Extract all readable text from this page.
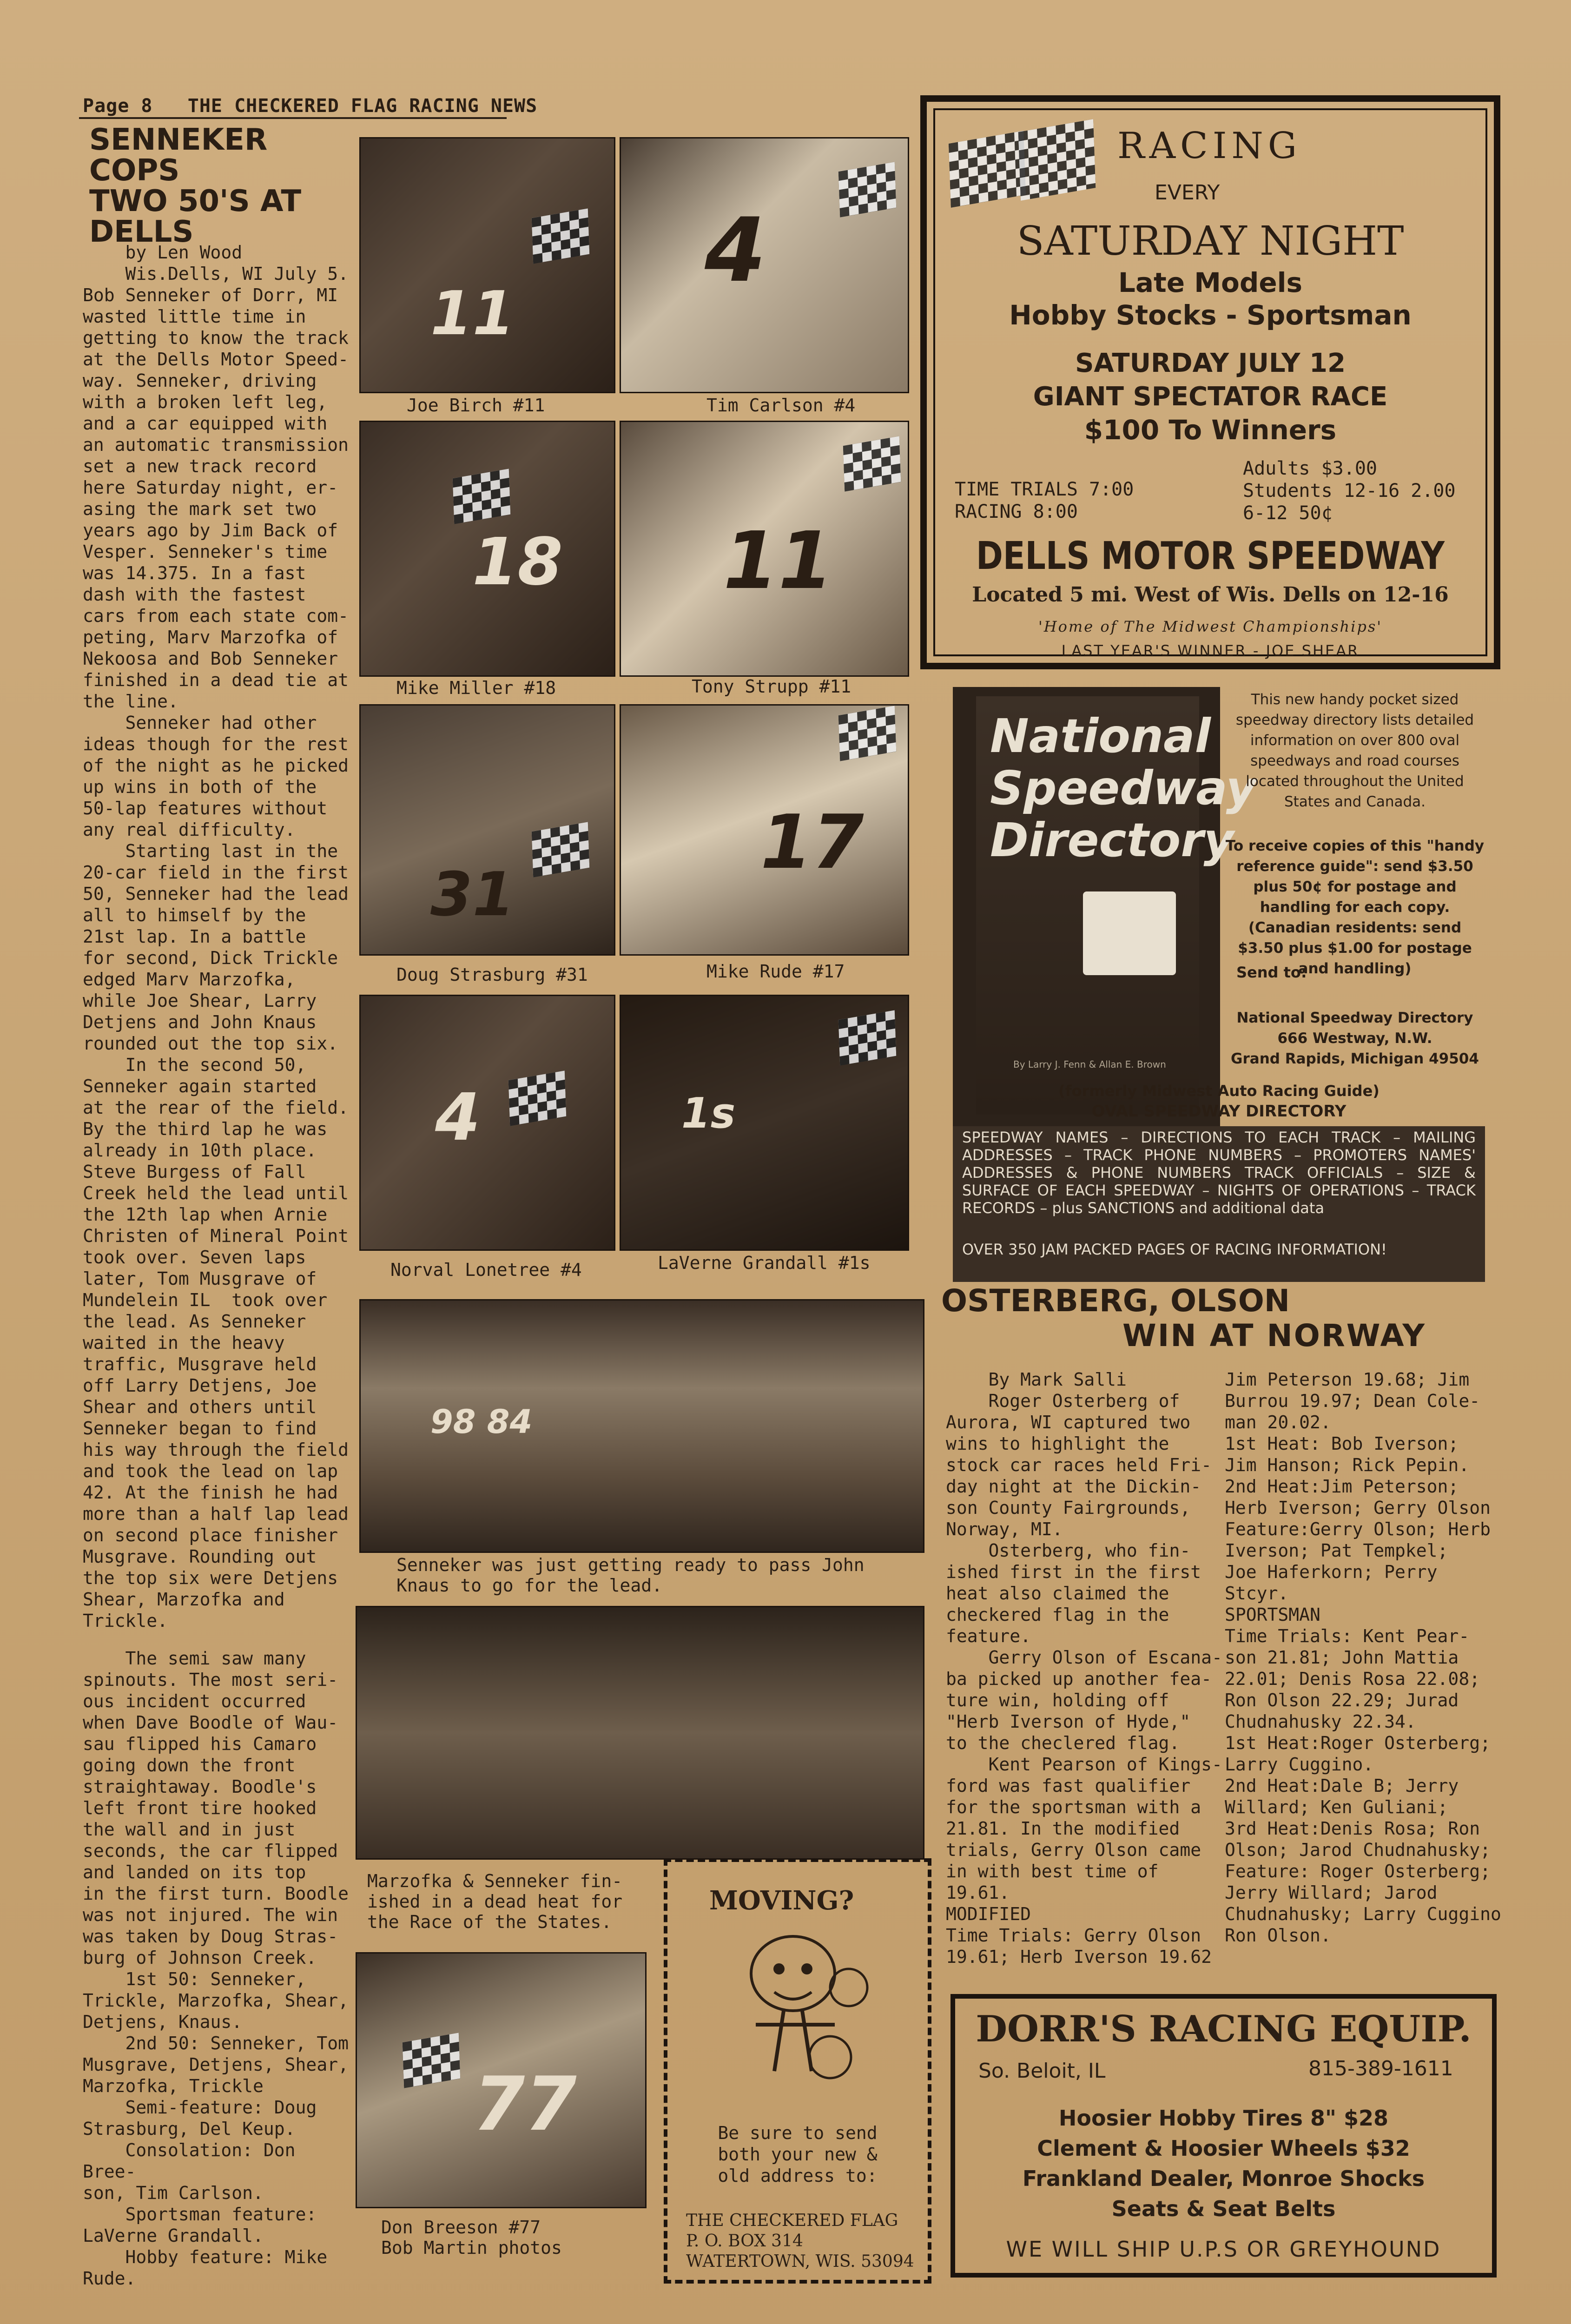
Page 8 THE CHECKERED FLAG RACING NEWS
SENNEKER COPS
TWO 50'S AT
DELLS
by Len Wood
Wis.Dells, WI July 5.
Bob Senneker of Dorr, MI
wasted little time in
getting to know the track
at the Dells Motor Speed-
way. Senneker, driving
with a broken left leg,
and a car equipped with
an automatic transmission
set a new track record
here Saturday night, er-
asing the mark set two
years ago by Jim Back of
Vesper. Senneker's time
was 14.375. In a fast
dash with the fastest
cars from each state com-
peting, Marv Marzofka of
Nekoosa and Bob Senneker
finished in a dead tie at
the line.
Senneker had other
ideas though for the rest
of the night as he picked
up wins in both of the
50-lap features without
any real difficulty.
Starting last in the
20-car field in the first
50, Senneker had the lead
all to himself by the
21st lap. In a battle
for second, Dick Trickle
edged Marv Marzofka,
while Joe Shear, Larry
Detjens and John Knaus
rounded out the top six.
In the second 50,
Senneker again started
at the rear of the field.
By the third lap he was
already in 10th place.
Steve Burgess of Fall
Creek held the lead until
the 12th lap when Arnie
Christen of Mineral Point
took over. Seven laps
later, Tom Musgrave of
Mundelein IL  took over
the lead. As Senneker
waited in the heavy
traffic, Musgrave held
off Larry Detjens, Joe
Shear and others until
Senneker began to find
his way through the field
and took the lead on lap
42. At the finish he had
more than a half lap lead
on second place finisher
Musgrave. Rounding out
the top six were Detjens
Shear, Marzofka and
Trickle.
The semi saw many
spinouts. The most seri-
ous incident occurred
when Dave Boodle of Wau-
sau flipped his Camaro
going down the front
straightaway. Boodle's
left front tire hooked
the wall and in just
seconds, the car flipped
and landed on its top
in the first turn. Boodle
was not injured. The win
was taken by Doug Stras-
burg of Johnson Creek.
1st 50: Senneker,
Trickle, Marzofka, Shear,
Detjens, Knaus.
2nd 50: Senneker, Tom
Musgrave, Detjens, Shear,
Marzofka, Trickle
Semi-feature: Doug
Strasburg, Del Keup.
Consolation: Don Bree-
son, Tim Carlson.
Sportsman feature:
LaVerne Grandall.
Hobby feature: Mike
Rude.
11
Joe Birch #11
4
Tim Carlson #4
18
Mike Miller #18
11
Tony Strupp #11
31
Doug Strasburg #31
17
Mike Rude #17
4
Norval Lonetree #4
1s
LaVerne Grandall #1s
98 84
Senneker was just getting ready to pass John
Knaus to go for the lead.
Marzofka & Senneker fin-
ished in a dead heat for
the Race of the States.
77
Don Breeson #77
Bob Martin photos
RACING
EVERY
SATURDAY NIGHT
Late Models
Hobby Stocks - Sportsman
SATURDAY JULY 12
GIANT SPECTATOR RACE
$100 To Winners
TIME TRIALS 7:00
RACING 8:00
Adults $3.00
Students 12-16 2.00
6-12 50¢
DELLS MOTOR SPEEDWAY
Located 5 mi. West of Wis. Dells on 12-16
'Home of The Midwest Championships'
LAST YEAR'S WINNER - JOE SHEAR
National
Speedway
Directory
By Larry J. Fenn & Allan E. Brown
This new handy pocket sized speedway directory lists detailed information on over 800 oval speedways and road courses located throughout the United States and Canada.
To receive copies of this "handy reference guide": send $3.50 plus 50¢ for postage and handling for each copy. (Canadian residents: send $3.50 plus $1.00 for postage and handling)
Send to:
National Speedway Directory
666 Westway, N.W.
Grand Rapids, Michigan 49504
(formerly Midwest Auto Racing Guide)
OVAL SPEEDWAY DIRECTORY
SPEEDWAY NAMES – DIRECTIONS TO EACH TRACK – MAILING ADDRESSES – TRACK PHONE NUMBERS – PROMOTERS NAMES' ADDRESSES & PHONE NUMBERS TRACK OFFICIALS – SIZE & SURFACE OF EACH SPEEDWAY – NIGHTS OF OPERATIONS – TRACK RECORDS – plus SANCTIONS and additional data
OVER 350 JAM PACKED PAGES OF RACING INFORMATION!
OSTERBERG, OLSON
WIN AT NORWAY
By Mark Salli
Roger Osterberg of
Aurora, WI captured two
wins to highlight the
stock car races held Fri-
day night at the Dickin-
son County Fairgrounds,
Norway, MI.
Osterberg, who fin-
ished first in the first
heat also claimed the
checkered flag in the
feature.
Gerry Olson of Escana-
ba picked up another fea-
ture win, holding off
"Herb Iverson of Hyde,"
to the checlered flag.
Kent Pearson of Kings-
ford was fast qualifier
for the sportsman with a
21.81. In the modified
trials, Gerry Olson came
in with best time of
19.61.
MODIFIED
Time Trials: Gerry Olson
19.61; Herb Iverson 19.62
Jim Peterson 19.68; Jim
Burrou 19.97; Dean Cole-
man 20.02.
1st Heat: Bob Iverson;
Jim Hanson; Rick Pepin.
2nd Heat:Jim Peterson;
Herb Iverson; Gerry Olson
Feature:Gerry Olson; Herb
Iverson; Pat Tempkel;
Joe Haferkorn; Perry
Stcyr.
SPORTSMAN
Time Trials: Kent Pear-
son 21.81; John Mattia
22.01; Denis Rosa 22.08;
Ron Olson 22.29; Jurad
Chudnahusky 22.34.
1st Heat:Roger Osterberg;
Larry Cuggino.
2nd Heat:Dale B; Jerry
Willard; Ken Guliani;
3rd Heat:Denis Rosa; Ron
Olson; Jarod Chudnahusky;
Feature: Roger Osterberg;
Jerry Willard; Jarod
Chudnahusky; Larry Cuggino
Ron Olson.
MOVING?
Be sure to send
both your new &
old address to:
THE CHECKERED FLAG
P. O. BOX 314
WATERTOWN, WIS. 53094
DORR'S RACING EQUIP.
So. Beloit, IL	815-389-1611
Hoosier Hobby Tires 8" $28
Clement & Hoosier Wheels $32
Frankland Dealer, Monroe Shocks
Seats & Seat Belts
WE WILL SHIP U.P.S OR GREYHOUND
